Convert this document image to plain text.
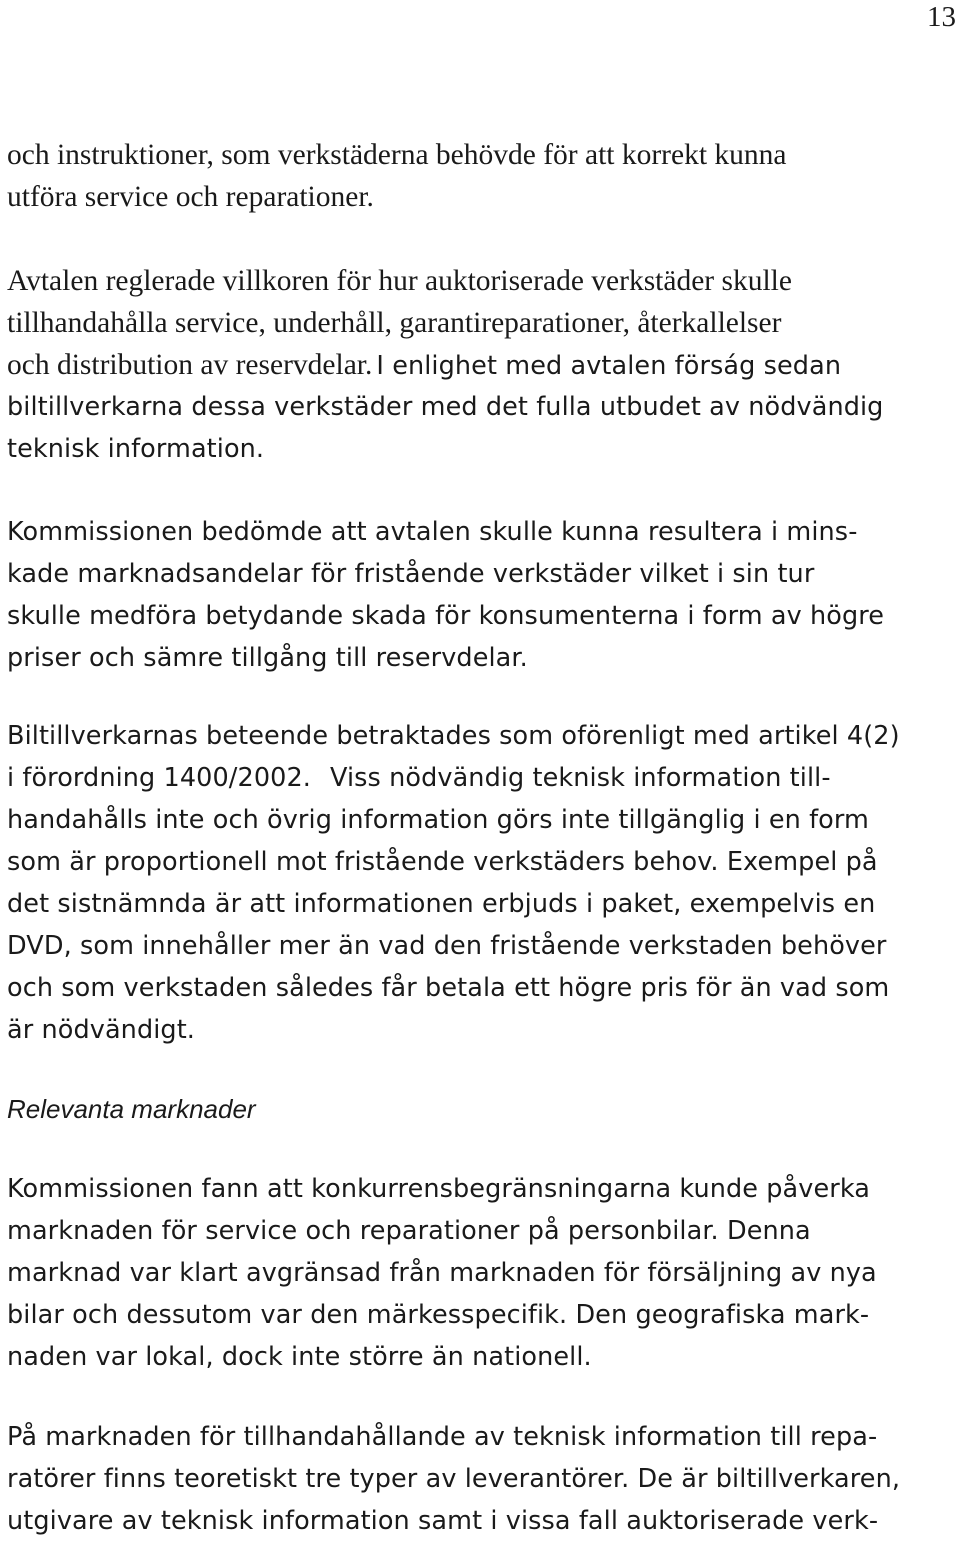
13

och instruktioner, som verkstäderna behövde för att korrekt kunna

utföra service och reparationer.

Avtalen reglerade villkoren för hur auktoriserade verkstäder skulle

tillhandahålla service, underhåll, garantireparationer, återkallelser

och distribution av reservdelar. I enlighet med avtalen förság sedan

biltillverkarna dessa verkstäder med det fulla utbudet av nödvändig

teknisk information.

Kommissionen bedömde att avtalen skulle kunna resultera i mins-

kade marknadsandelar för fristående verkstäder vilket i sin tur

skulle medföra betydande skada för konsumenterna i form av högre

priser och sämre tillgång till reservdelar.

Biltillverkarnas beteende betraktades som oförenligt med artikel 4(2)

i förordning 1400/2002. Viss nödvändig teknisk information till-

handahålls inte och övrig information görs inte tillgänglig i en form

som är proportionell mot fristående verkstäders behov. Exempel på

det sistnämnda är att informationen erbjuds i paket, exempelvis en

DVD, som innehåller mer än vad den fristående verkstaden behöver

och som verkstaden således får betala ett högre pris för än vad som

är nödvändigt.

Relevanta marknader

Kommissionen fann att konkurrensbegränsningarna kunde påverka

marknaden för service och reparationer på personbilar. Denna

marknad var klart avgränsad från marknaden för försäljning av nya

bilar och dessutom var den märkesspecifik. Den geografiska mark-

naden var lokal, dock inte större än nationell.

På marknaden för tillhandahållande av teknisk information till repa-

ratörer finns teoretiskt tre typer av leverantörer. De är biltillverkaren,

utgivare av teknisk information samt i vissa fall auktoriserade verk-
